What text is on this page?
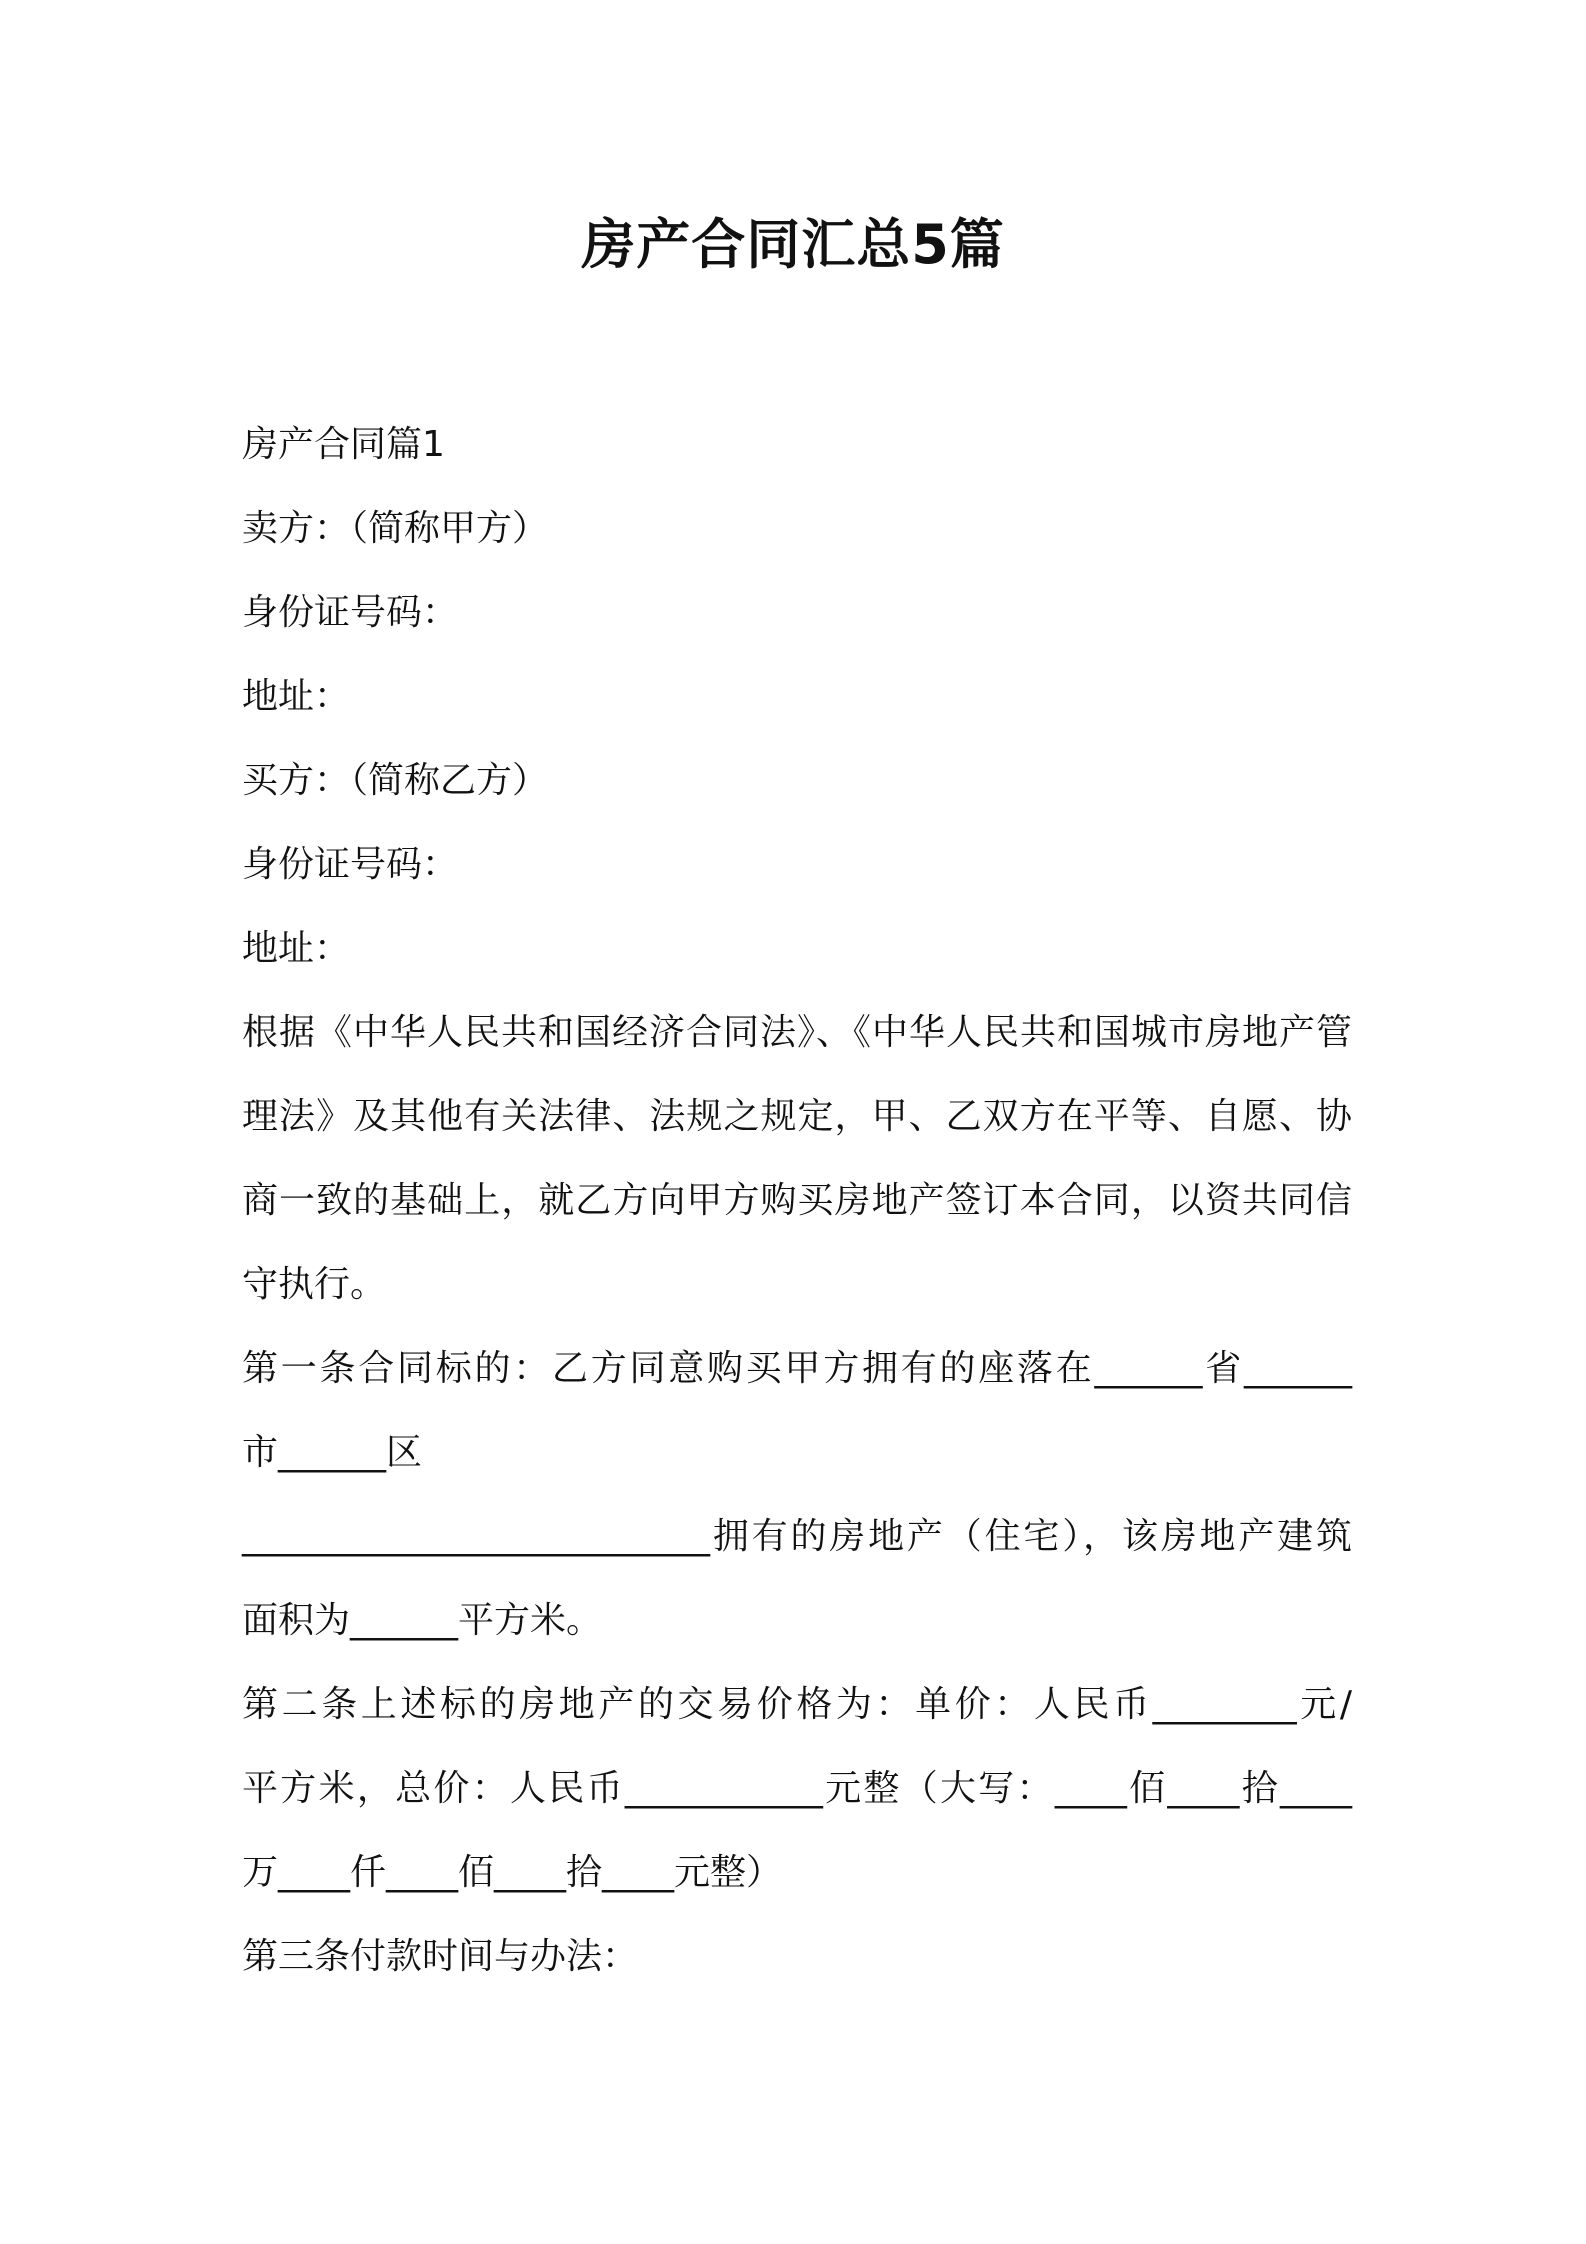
房产合同汇总5篇
房产合同篇1
卖方：（简称甲方）
身份证号码：
地址：
买方：（简称乙方）
身份证号码：
地址：
根据《中华人民共和国经济合同法》、《中华人民共和国城市房地产管
理法》及其他有关法律、法规之规定，甲、乙双方在平等、自愿、协
商一致的基础上，就乙方向甲方购买房地产签订本合同，以资共同信
守执行。
第一条合同标的：乙方同意购买甲方拥有的座落在______省______
市______区
__________________________拥有的房地产（住宅），该房地产建筑
面积为______平方米。
第二条上述标的房地产的交易价格为：单价：人民币________元/
平方米，总价：人民币___________元整（大写：____佰____拾____
万____仟____佰____拾____元整）
第三条付款时间与办法：
